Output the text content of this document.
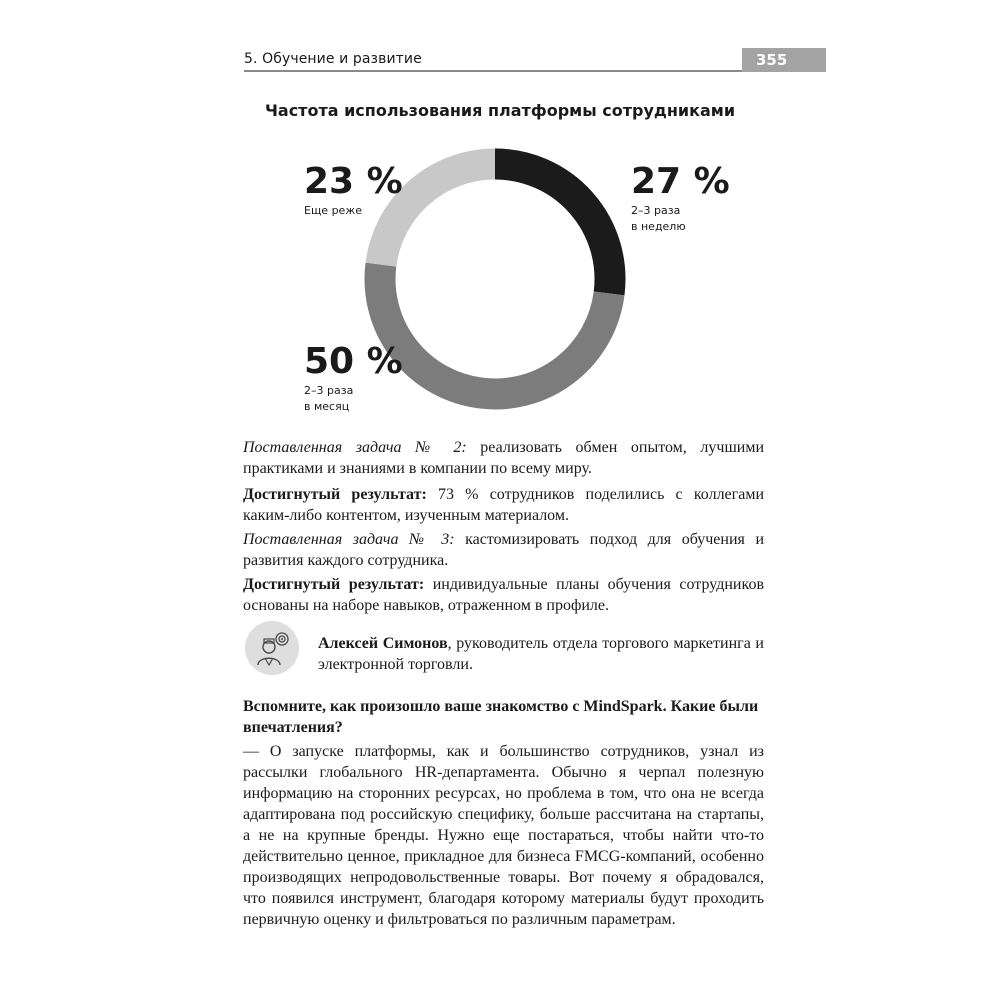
5. Обучение и развитие	355
Частота использования платформы сотрудниками
23 %
Еще реже
27 %
2–3 раза
в неделю
50 %
2–3 раза
в месяц
Поставленная задача № 2: реализовать обмен опытом, лучшими практиками и знаниями в компании по всему миру.
Достигнутый результат: 73 % сотрудников поделились с коллегами каким-либо контентом, изученным материалом.
Поставленная задача № 3: кастомизировать подход для обучения и развития каждого сотрудника.
Достигнутый результат: индивидуальные планы обучения сотрудников основаны на наборе навыков, отраженном в профиле.
Алексей Симонов, руководитель отдела торгового маркетинга и электронной торговли.
Вспомните, как произошло ваше знакомство с MindSpark. Какие были впечатления?
— О запуске платформы, как и большинство сотрудников, узнал из рассылки глобального HR-департамента. Обычно я черпал полезную информацию на сторонних ресурсах, но проблема в том, что она не всегда адаптирована под российскую специфику, больше рассчитана на стартапы, а не на крупные бренды. Нужно еще постараться, чтобы найти что-то действительно ценное, прикладное для бизнеса FMCG-компаний, особенно производящих непродовольственные товары. Вот почему я обрадовался, что появился инструмент, благодаря которому материалы будут проходить первичную оценку и фильтроваться по различным параметрам.
